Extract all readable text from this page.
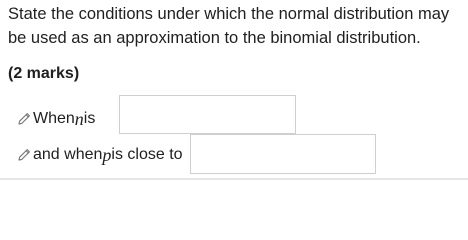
State the conditions under which the normal distribution may be used as an approximation to the binomial distribution.
(2 marks)
When n is
and when p is close to
